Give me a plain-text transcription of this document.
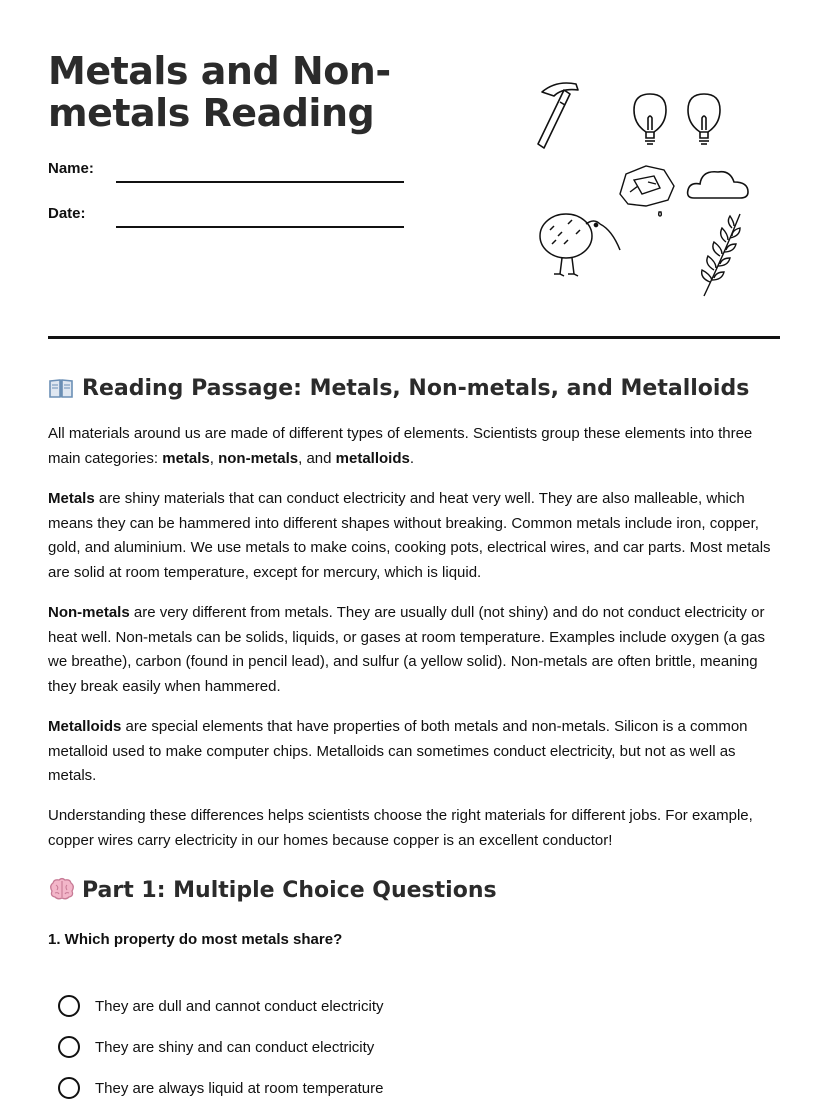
Metals and Non-metals Reading
Name:
Date:
Reading Passage: Metals, Non-metals, and Metalloids

All materials around us are made of different types of elements. Scientists group these elements into three main categories: metals, non-metals, and metalloids.

Metals are shiny materials that can conduct electricity and heat very well. They are also malleable, which means they can be hammered into different shapes without breaking. Common metals include iron, copper, gold, and aluminium. We use metals to make coins, cooking pots, electrical wires, and car parts. Most metals are solid at room temperature, except for mercury, which is liquid.

Non-metals are very different from metals. They are usually dull (not shiny) and do not conduct electricity or heat well. Non-metals can be solids, liquids, or gases at room temperature. Examples include oxygen (a gas we breathe), carbon (found in pencil lead), and sulfur (a yellow solid). Non-metals are often brittle, meaning they break easily when hammered.

Metalloids are special elements that have properties of both metals and non-metals. Silicon is a common metalloid used to make computer chips. Metalloids can sometimes conduct electricity, but not as well as metals.

Understanding these differences helps scientists choose the right materials for different jobs. For example, copper wires carry electricity in our homes because copper is an excellent conductor!

Part 1: Multiple Choice Questions
1. Which property do most metals share?
They are dull and cannot conduct electricity
They are shiny and can conduct electricity
They are always liquid at room temperature
